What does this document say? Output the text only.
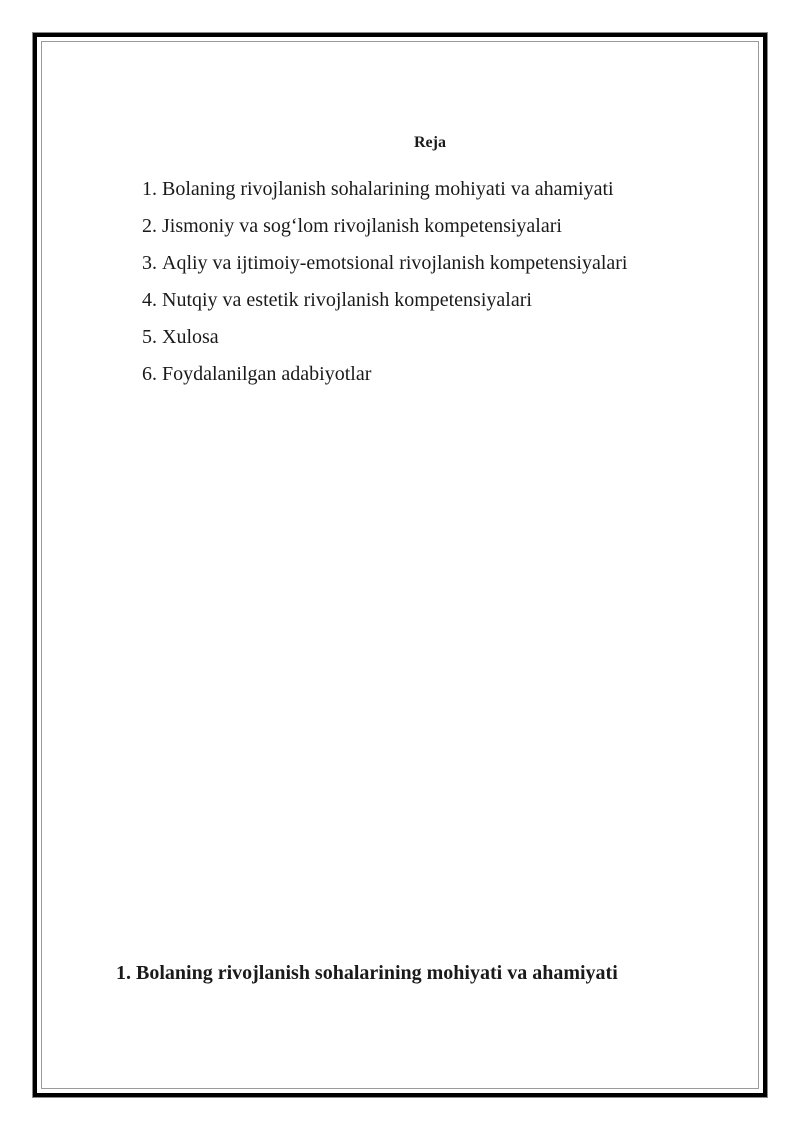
Reja
1. Bolaning rivojlanish sohalarining mohiyati va ahamiyati
2. Jismoniy va sog‘lom rivojlanish kompetensiyalari
3. Aqliy va ijtimoiy-emotsional rivojlanish kompetensiyalari
4. Nutqiy va estetik rivojlanish kompetensiyalari
5. Xulosa
6. Foydalanilgan adabiyotlar
1. Bolaning rivojlanish sohalarining mohiyati va ahamiyati
